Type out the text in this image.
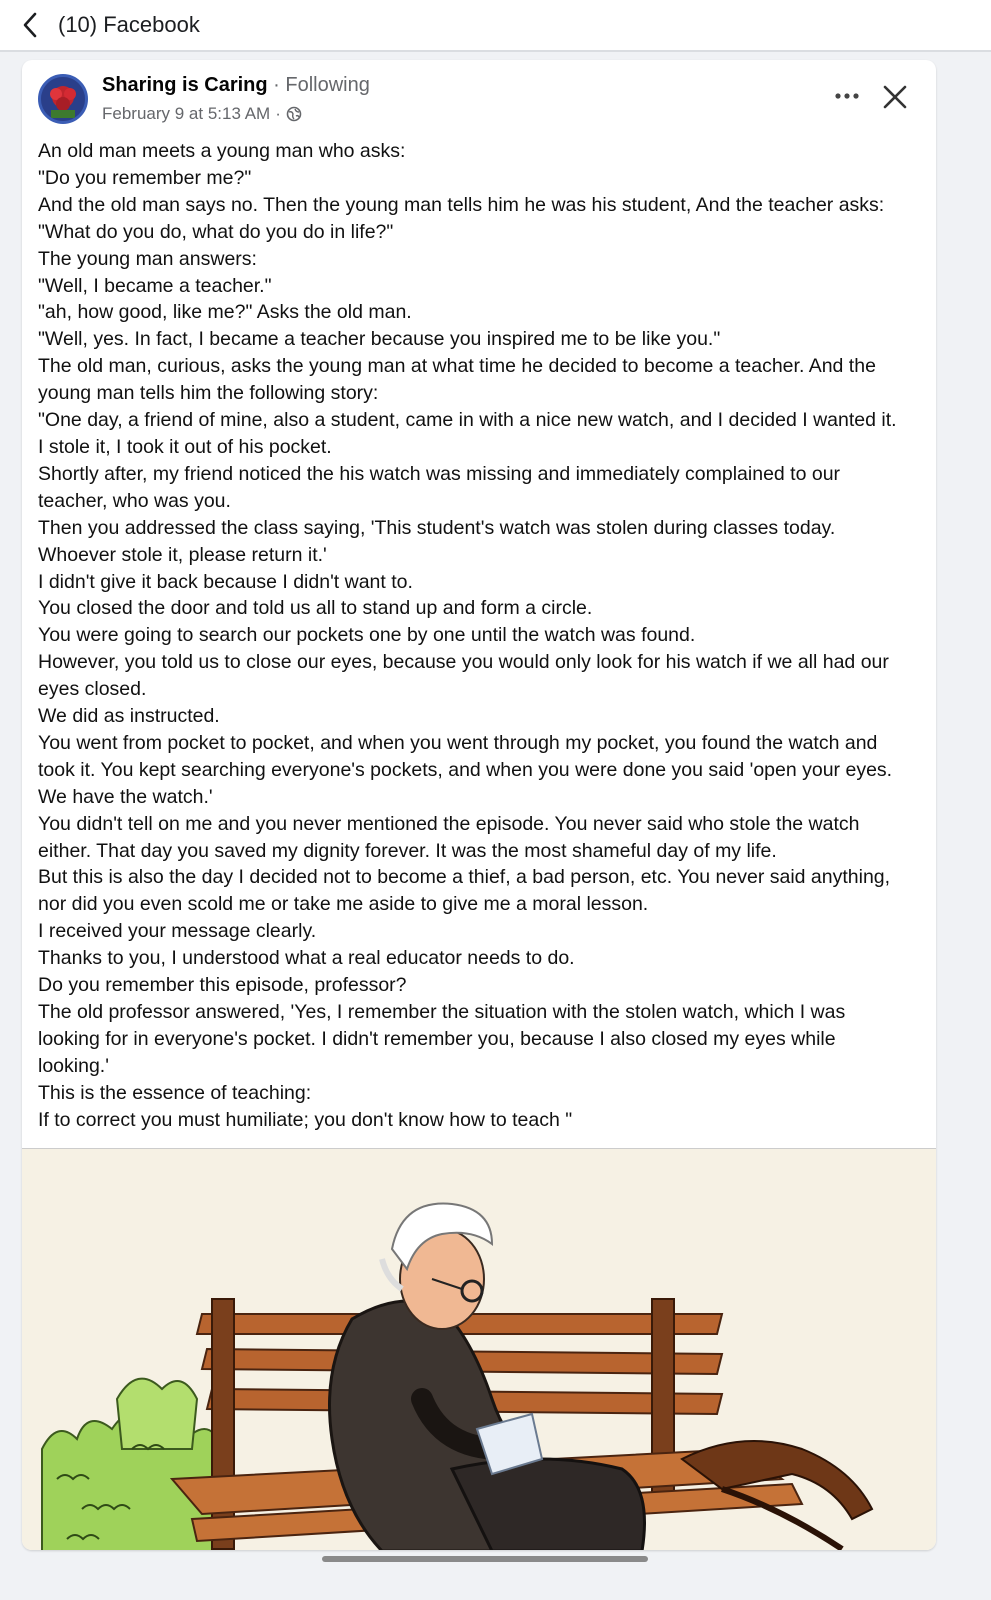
(10) Facebook
Sharing is Caring · Following
February 9 at 5:13 AM ·

An old man meets a young man who asks:

"Do you remember me?"

And the old man says no. Then the young man tells him he was his student, And the teacher asks:

"What do you do, what do you do in life?"

The young man answers:

"Well, I became a teacher."

"ah, how good, like me?" Asks the old man.

"Well, yes. In fact, I became a teacher because you inspired me to be like you."

The old man, curious, asks the young man at what time he decided to become a teacher. And the

young man tells him the following story:

"One day, a friend of mine, also a student, came in with a nice new watch, and I decided I wanted it.

I stole it, I took it out of his pocket.

Shortly after, my friend noticed the his watch was missing and immediately complained to our

teacher, who was you.

Then you addressed the class saying, 'This student's watch was stolen during classes today.

Whoever stole it, please return it.'

I didn't give it back because I didn't want to.

You closed the door and told us all to stand up and form a circle.

You were going to search our pockets one by one until the watch was found.

However, you told us to close our eyes, because you would only look for his watch if we all had our

eyes closed.

We did as instructed.

You went from pocket to pocket, and when you went through my pocket, you found the watch and

took it. You kept searching everyone's pockets, and when you were done you said 'open your eyes.

We have the watch.'

You didn't tell on me and you never mentioned the episode. You never said who stole the watch

either. That day you saved my dignity forever. It was the most shameful day of my life.

But this is also the day I decided not to become a thief, a bad person, etc. You never said anything,

nor did you even scold me or take me aside to give me a moral lesson.

I received your message clearly.

Thanks to you, I understood what a real educator needs to do.

Do you remember this episode, professor?

The old professor answered, 'Yes, I remember the situation with the stolen watch, which I was

looking for in everyone's pocket. I didn't remember you, because I also closed my eyes while

looking.'

This is the essence of teaching:

If to correct you must humiliate; you don't know how to teach "
